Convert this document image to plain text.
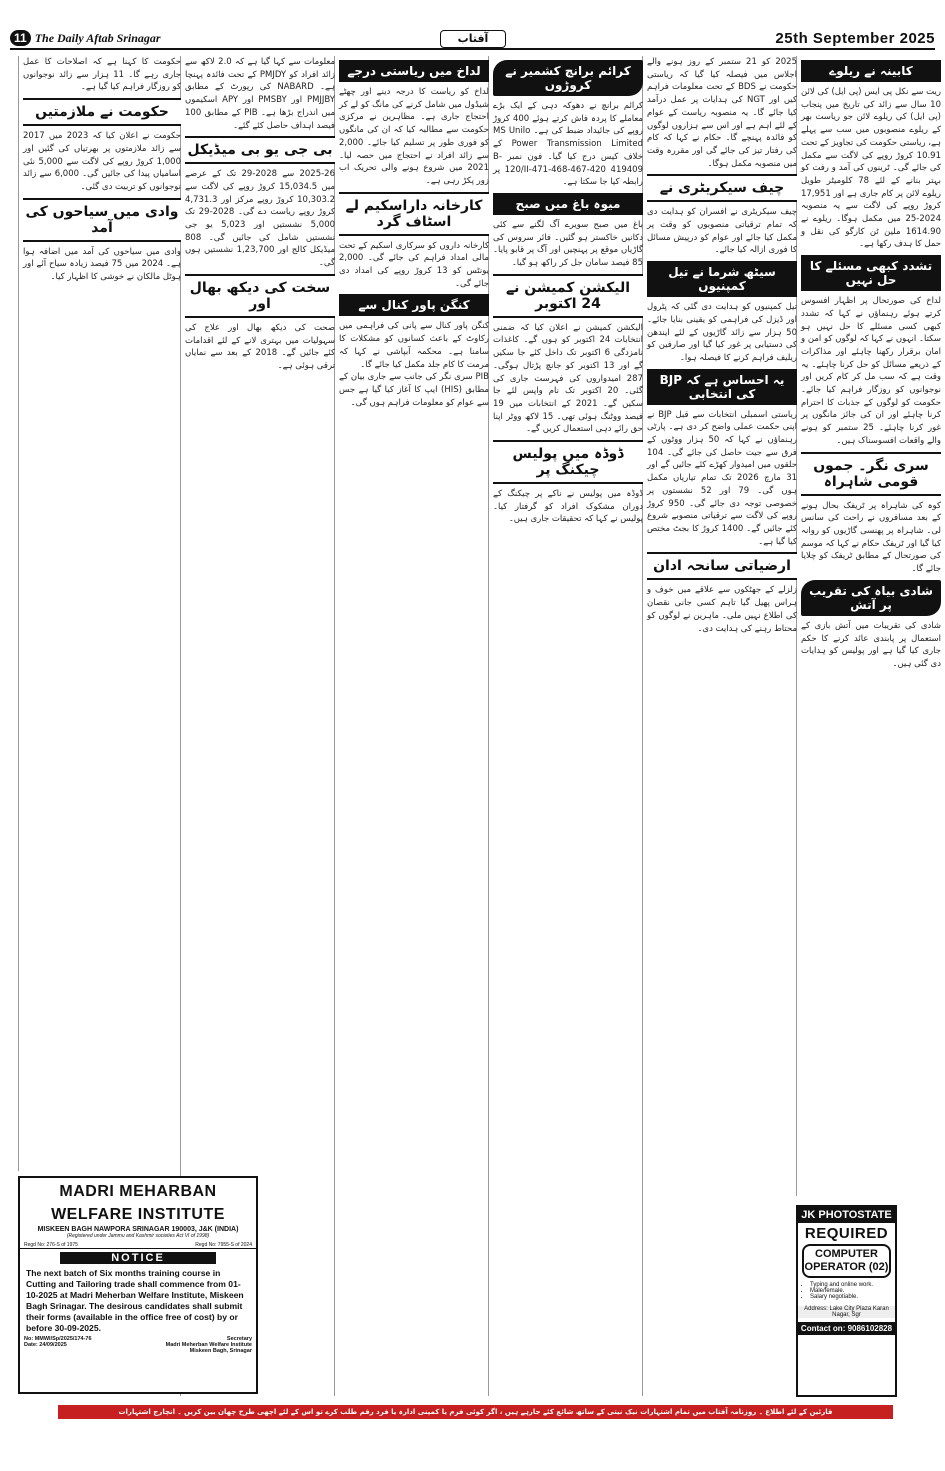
11 The Daily Aftab Srinagar	25th September 2025
آفتاب
کابینہ نے ریلوے
ریت سے نکل پی ایس (پی ایل) کی لائن 10 سال سے زائد کی تاریخ میں پنجاب (پی ایل) کی ریلوے لائن جو ریاست بھر کے ریلوے منصوبوں میں سب سے پہلے ہے، ریاستی حکومت کی تجاویز کے تحت 10.91 کروڑ روپے کی لاگت سے مکمل کی جائے گی۔ ٹرینوں کی آمد و رفت کو بہتر بنانے کے لئے 78 کلومیٹر طویل ریلوے لائن پر کام جاری ہے اور 17,951 کروڑ روپے کی لاگت سے یہ منصوبہ 2024-25 میں مکمل ہوگا۔ ریلوے نے 1614.90 ملین ٹن کارگو کی نقل و حمل کا ہدف رکھا ہے۔
تشدد کبھی مسئلے کا حل نہیں
لداخ کی صورتحال پر اظہار افسوس کرتے ہوئے رہنماؤں نے کہا کہ تشدد کبھی کسی مسئلے کا حل نہیں ہو سکتا۔ انہوں نے کہا کہ لوگوں کو امن و امان برقرار رکھنا چاہئے اور مذاکرات کے ذریعے مسائل کو حل کرنا چاہئے۔ یہ وقت ہے کہ سب مل کر کام کریں اور نوجوانوں کو روزگار فراہم کیا جائے۔ حکومت کو لوگوں کے جذبات کا احترام کرنا چاہئے اور ان کی جائز مانگوں پر غور کرنا چاہئے۔ 25 ستمبر کو ہونے والے واقعات افسوسناک ہیں۔
سری نگر۔ جموں قومی شاہراہ
کوہ کی شاہراہ پر ٹریفک بحال ہونے کے بعد مسافروں نے راحت کی سانس لی۔ شاہراہ پر پھنسی گاڑیوں کو روانہ کیا گیا اور ٹریفک حکام نے کہا کہ موسم کی صورتحال کے مطابق ٹریفک کو چلایا جائے گا۔
شادی بیاہ کی تقریب پر آتش
شادی کی تقریبات میں آتش بازی کے استعمال پر پابندی عائد کرنے کا حکم جاری کیا گیا ہے اور پولیس کو ہدایات دی گئی ہیں۔
2025 کو 21 ستمبر کے روز ہونے والے اجلاس میں فیصلہ کیا گیا کہ ریاستی حکومت نے BDS کے تحت معلومات فراہم کیں اور NGT کی ہدایات پر عمل درآمد کیا جائے گا۔ یہ منصوبہ ریاست کے عوام کے لئے اہم ہے اور اس سے ہزاروں لوگوں کو فائدہ پہنچے گا۔ حکام نے کہا کہ کام کی رفتار تیز کی جائے گی اور مقررہ وقت میں منصوبہ مکمل ہوگا۔
چیف سیکریٹری نے
چیف سیکریٹری نے افسران کو ہدایت دی کہ تمام ترقیاتی منصوبوں کو وقت پر مکمل کیا جائے اور عوام کو درپیش مسائل کا فوری ازالہ کیا جائے۔
سیٹھ شرما نے تیل کمپنیوں
تیل کمپنیوں کو ہدایت دی گئی کہ پٹرول اور ڈیزل کی فراہمی کو یقینی بنایا جائے۔ 50 ہزار سے زائد گاڑیوں کے لئے ایندھن کی دستیابی پر غور کیا گیا اور صارفین کو ریلیف فراہم کرنے کا فیصلہ ہوا۔
یہ احساس ہے کہ BJP کی انتخابی
ریاستی اسمبلی انتخابات سے قبل BJP نے اپنی حکمت عملی واضح کر دی ہے۔ پارٹی رہنماؤں نے کہا کہ 50 ہزار ووٹوں کے فرق سے جیت حاصل کی جائے گی۔ 104 حلقوں میں امیدوار کھڑے کئے جائیں گے اور 31 مارچ 2026 تک تمام تیاریاں مکمل ہوں گی۔ 79 اور 52 نشستوں پر خصوصی توجہ دی جائے گی۔ 950 کروڑ روپے کی لاگت سے ترقیاتی منصوبے شروع کئے جائیں گے۔ 1400 کروڑ کا بجٹ مختص کیا گیا ہے۔
ارضیاتی سانحہ ادان
زلزلے کے جھٹکوں سے علاقے میں خوف و ہراس پھیل گیا تاہم کسی جانی نقصان کی اطلاع نہیں ملی۔ ماہرین نے لوگوں کو محتاط رہنے کی ہدایت دی۔
کرائم برانچ کشمیر نے کروڑوں
کرائم برانچ نے دھوکہ دہی کے ایک بڑے معاملے کا پردہ فاش کرتے ہوئے 400 کروڑ روپے کی جائیداد ضبط کی ہے۔ MS Unilo Power Transmission Limited کے خلاف کیس درج کیا گیا۔ فون نمبر B-120/II-471-468-467-420 419409 پر رابطہ کیا جا سکتا ہے۔
میوہ باغ میں صبح
باغ میں صبح سویرے آگ لگنے سے کئی دکانیں خاکستر ہو گئیں۔ فائر سروس کی گاڑیاں موقع پر پہنچیں اور آگ پر قابو پایا۔ 85 فیصد سامان جل کر راکھ ہو گیا۔
الیکشن کمیشن نے 24 اکتوبر
الیکشن کمیشن نے اعلان کیا کہ ضمنی انتخابات 24 اکتوبر کو ہوں گے۔ کاغذات نامزدگی 6 اکتوبر تک داخل کئے جا سکیں گے اور 13 اکتوبر کو جانچ پڑتال ہوگی۔ 287 امیدواروں کی فہرست جاری کی گئی۔ 20 اکتوبر تک نام واپس لئے جا سکیں گے۔ 2021 کے انتخابات میں 19 فیصد ووٹنگ ہوئی تھی۔ 15 لاکھ ووٹر اپنا حق رائے دہی استعمال کریں گے۔
ڈوڈہ میں پولیس چیکنگ پر
ڈوڈہ میں پولیس نے ناکے پر چیکنگ کے دوران مشکوک افراد کو گرفتار کیا۔ پولیس نے کہا کہ تحقیقات جاری ہیں۔
لداخ میں ریاستی درجے
لداخ کو ریاست کا درجہ دینے اور چھٹے شیڈول میں شامل کرنے کی مانگ کو لے کر احتجاج جاری ہے۔ مظاہرین نے مرکزی حکومت سے مطالبہ کیا کہ ان کی مانگوں کو فوری طور پر تسلیم کیا جائے۔ 2,000 سے زائد افراد نے احتجاج میں حصہ لیا۔ 2021 میں شروع ہونے والی تحریک اب زور پکڑ رہی ہے۔
کارخانہ داراسکیم لے اسٹاف گرد
کارخانہ داروں کو سرکاری اسکیم کے تحت مالی امداد فراہم کی جائے گی۔ 2,000 یونٹس کو 13 کروڑ روپے کی امداد دی جائے گی۔
کنگن پاور کنال سے
کنگن پاور کنال سے پانی کی فراہمی میں رکاوٹ کے باعث کسانوں کو مشکلات کا سامنا ہے۔ محکمہ آبپاشی نے کہا کہ مرمت کا کام جلد مکمل کیا جائے گا۔
PIB سری نگر کی جانب سے جاری بیان کے مطابق (HIS) ایپ کا آغاز کیا گیا ہے جس سے عوام کو معلومات فراہم ہوں گی۔
معلومات سے کہا گیا ہے کہ 2.0 لاکھ سے زائد افراد کو PMJDY کے تحت فائدہ پہنچا ہے۔ NABARD کی رپورٹ کے مطابق PMJJBY اور PMSBY اور APY اسکیموں میں اندراج بڑھا ہے۔ PIB کے مطابق 100 فیصد اہداف حاصل کئے گئے۔
بی جی یو بی میڈیکل
2025-26 سے 2028-29 تک کے عرصے میں 15,034.5 کروڑ روپے کی لاگت سے 10,303.2 کروڑ روپے مرکز اور 4,731.3 کروڑ روپے ریاست دے گی۔ 2028-29 تک 5,000 نشستیں اور 5,023 یو جی نشستیں شامل کی جائیں گی۔ 808 میڈیکل کالج اور 1,23,700 نشستیں ہوں گی۔
سخت کی دیکھ بھال اور
صحت کی دیکھ بھال اور علاج کی سہولیات میں بہتری لانے کے لئے اقدامات کئے جائیں گے۔ 2018 کے بعد سے نمایاں ترقی ہوئی ہے۔
حکومت کا کہنا ہے کہ اصلاحات کا عمل جاری رہے گا۔ 11 ہزار سے زائد نوجوانوں کو روزگار فراہم کیا گیا ہے۔
حکومت نے ملازمتیں
حکومت نے اعلان کیا کہ 2023 میں 2017 سے زائد ملازمتوں پر بھرتیاں کی گئیں اور 1,000 کروڑ روپے کی لاگت سے 5,000 نئی اسامیاں پیدا کی جائیں گی۔ 6,000 سے زائد نوجوانوں کو تربیت دی گئی۔
وادی میں سیاحوں کی آمد
وادی میں سیاحوں کی آمد میں اضافہ ہوا ہے۔ 2024 میں 75 فیصد زیادہ سیاح آئے اور ہوٹل مالکان نے خوشی کا اظہار کیا۔
MADRI MEHARBAN
WELFARE INSTITUTE
MISKEEN BAGH NAWPORA SRINAGAR 190003, J&K (INDIA)
(Registered under Jammu and Kashmir societies Act VI of 1998)
Regd No: 276-S of 1975	Regd No: 7955-S of 2024
NOTICE
The next batch of Six months training course in Cutting and Tailoring trade shall commence from 01-10-2025 at Madri Meherban Welfare Institute, Miskeen Bagh Srinagar. The desirous candidates shall submit their forms (available in the office free of cost) by or before 30-09-2025.
No: MMWI/Sp/2025/174-76
Date: 24/09/2025
Secretary
Madri Meherban Welfare Institute
Miskeen Bagh, Srinagar
JK PHOTOSTATE
REQUIRED
COMPUTER OPERATOR (02)
• Typing and online work.
• Male/female.
• Salary negotiable.
Address: Lake City Plaza Karan Nagar, Sgr
Contact on: 9086102828
قارئین کے لئے اطلاع ۔ روزنامہ آفتاب میں تمام اشتہارات نیک نیتی کے ساتھ شائع کئے جارہے ہیں ، اگر کوئی فرم یا کمپنی ادارہ یا فرد رقم طلب کرے تو اس کے لئے اچھی طرح چھان بین کریں ۔ انچارج اشتہارات
